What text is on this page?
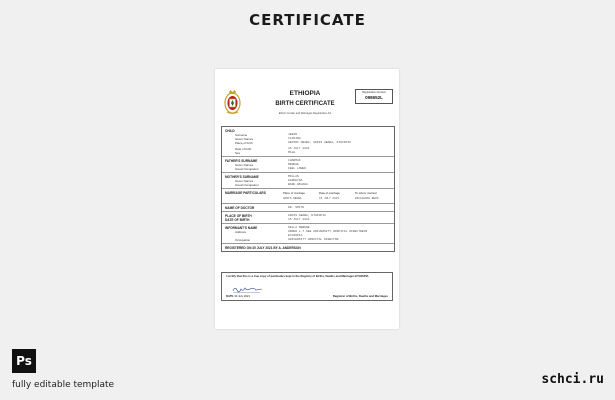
CERTIFICATE
ETHIOPIA
BIRTH CERTIFICATE
Ethnic Certain and Marriages Registration Act
Registration Number
098652L
CHILD
Surname	JEBIR
Given Names	CLOSING
Place of birth	GENTRI ABABA, ADDIS ABABA, ETHIOPIA
Date of birth	15 JULY 2021
Sex	MALE
FATHER'S SURNAME	CHARMAK
Given Names	MENDAE
Usual Occupation	FEEL LOWER
MOTHER'S SURNAME	MOLLAS
Given Names	GARDETNA
Usual Occupation	BARE WOLDEG
MARRIAGE PARTICULARS	Place of marriage	Date of marriage	To whom married
ADDIS ABABA	15 JULY 2021	ESCALERAS BEDS
NAME OF DOCTOR	DR. SMITH
PLACE OF BIRTH	ADDIS ABABA, ETHIOPIA
DATE OF BIRTH	15 JULY 2021
INFORMANT'S NAME	SELLA NEBENE
Address	UNDER L.T.SEE UNIVERSITY HOSPITAL DIRECTRESS
ETHIOPIA
Occupation	UNIVERSITY HOSPITAL DIRECTOR
REGISTERED ON 30 JULY 2021 BY A. ANDERSON
I certify that this is a true copy of particulars kept in the Registry of Births, Deaths and Marriages ETHIOPIA
DATE 30 July 2021	Registrar of Births, Deaths and Marriages
Ps
fully editable template	schci.ru
